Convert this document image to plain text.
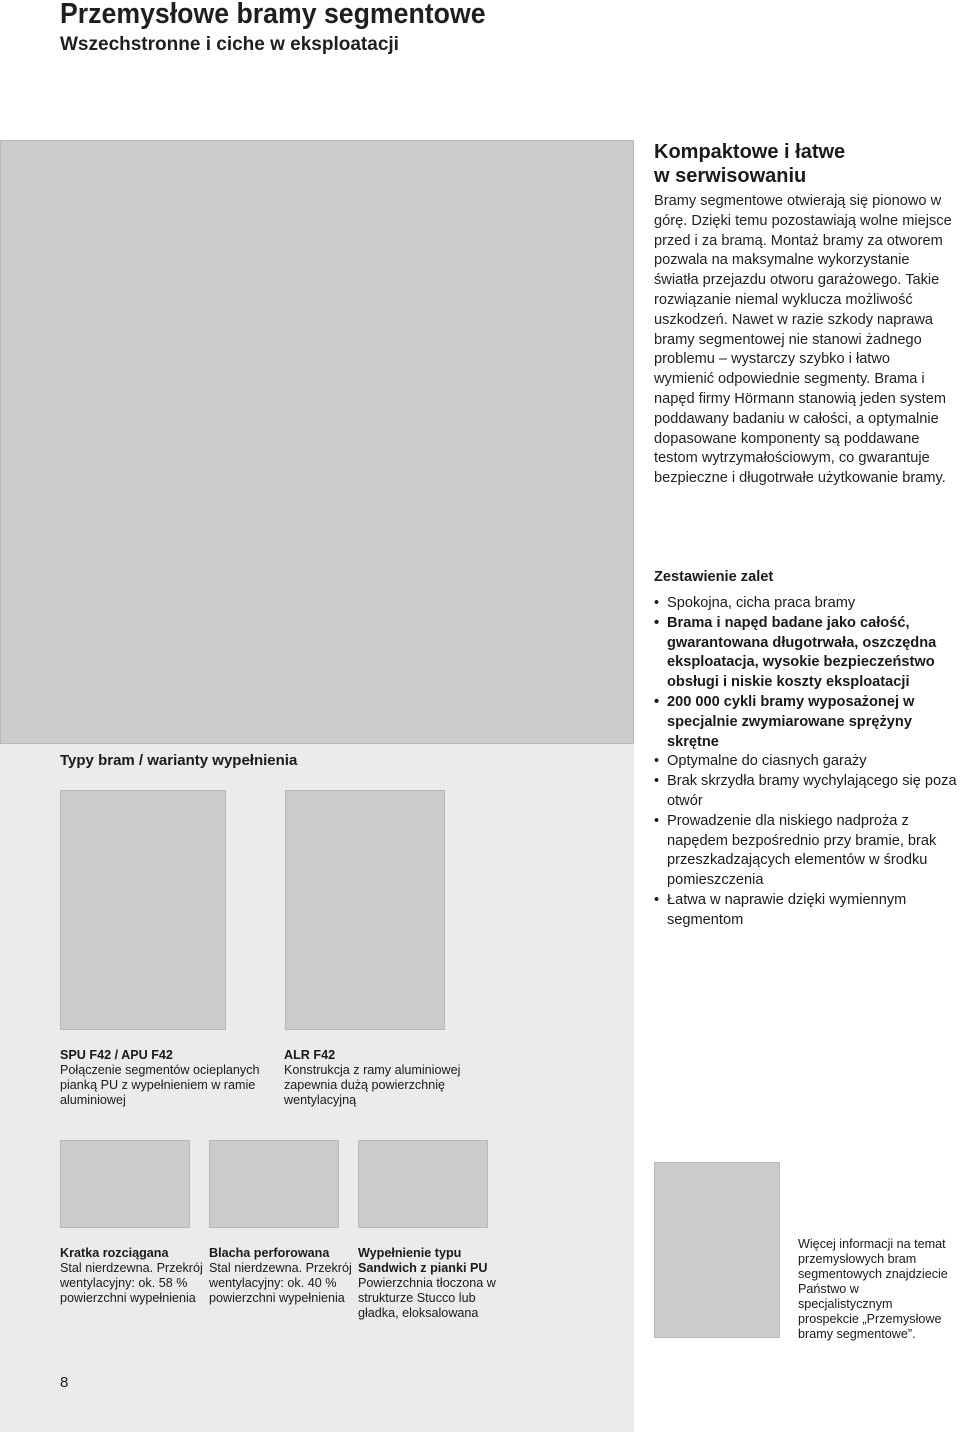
Przemysłowe bramy segmentowe
Wszechstronne i ciche w eksploatacji
Kompaktowe i łatwe
w serwisowaniu
Bramy segmentowe otwierają się pionowo w górę. Dzięki temu pozostawiają wolne miejsce przed i za bramą. Montaż bramy za otworem pozwala na maksymalne wykorzystanie światła przejazdu otworu garażowego. Takie rozwiązanie niemal wyklucza możliwość uszkodzeń. Nawet w razie szkody naprawa bramy segmentowej nie stanowi żadnego problemu – wystarczy szybko i łatwo wymienić odpowiednie segmenty. Brama i napęd firmy Hörmann stanowią jeden system poddawany badaniu w całości, a optymalnie dopasowane komponenty są poddawane testom wytrzymałościowym, co gwarantuje bezpieczne i długotrwałe użytkowanie bramy.
Zestawienie zalet
• Spokojna, cicha praca bramy
• Brama i napęd badane jako całość, gwarantowana długotrwała, oszczędna eksploatacja, wysokie bezpieczeństwo obsługi i niskie koszty eksploatacji
• 200 000 cykli bramy wyposażonej w specjalnie zwymiarowane sprężyny skrętne
• Optymalne do ciasnych garaży
• Brak skrzydła bramy wychylającego się poza otwór
• Prowadzenie dla niskiego nadproża z napędem bezpośrednio przy bramie, brak przeszkadzających elementów w środku pomieszczenia
• Łatwa w naprawie dzięki wymiennym segmentom
Typy bram / warianty wypełnienia
SPU F42 / APU F42
Połączenie segmentów ocieplanych pianką PU z wypełnieniem w ramie aluminiowej
ALR F42
Konstrukcja z ramy aluminiowej zapewnia dużą powierzchnię wentylacyjną
Kratka rozciągana
Stal nierdzewna. Przekrój wentylacyjny: ok. 58 % powierzchni wypełnienia
Blacha perforowana
Stal nierdzewna. Przekrój wentylacyjny: ok. 40 % powierzchni wypełnienia
Wypełnienie typu Sandwich z pianki PU
Powierzchnia tłoczona w strukturze Stucco lub gładka, eloksalowana
Więcej informacji na temat przemysłowych bram segmentowych znajdziecie Państwo w specjalistycznym prospekcie „Przemysłowe bramy segmentowe”.
8
